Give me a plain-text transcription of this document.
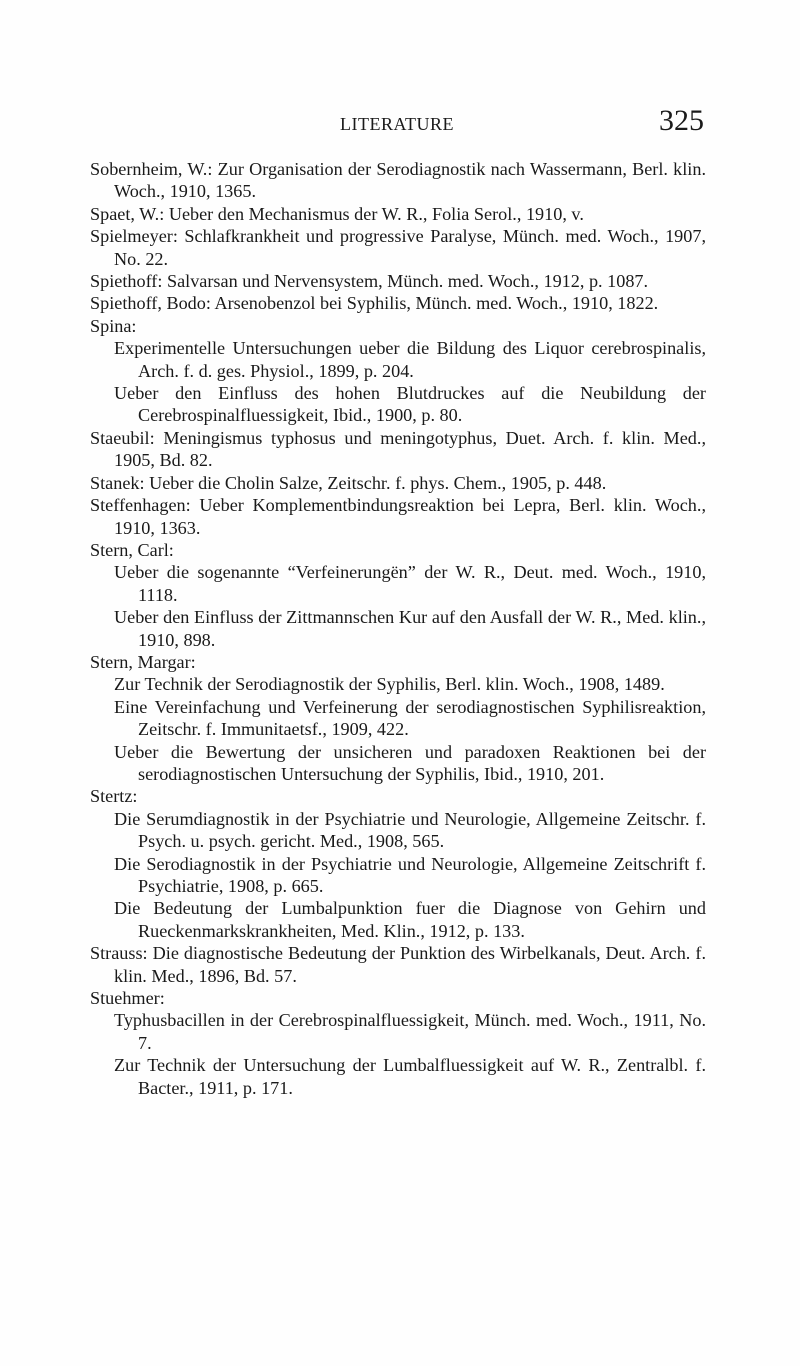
LITERATURE	325
Sobernheim, W.: Zur Organisation der Serodiagnostik nach Wassermann, Berl. klin. Woch., 1910, 1365.
Spaet, W.: Ueber den Mechanismus der W. R., Folia Serol., 1910, v.
Spielmeyer: Schlafkrankheit und progressive Paralyse, Münch. med. Woch., 1907, No. 22.
Spiethoff: Salvarsan und Nervensystem, Münch. med. Woch., 1912, p. 1087.
Spiethoff, Bodo: Arsenobenzol bei Syphilis, Münch. med. Woch., 1910, 1822.
Spina:
Experimentelle Untersuchungen ueber die Bildung des Liquor cerebrospinalis, Arch. f. d. ges. Physiol., 1899, p. 204.
Ueber den Einfluss des hohen Blutdruckes auf die Neubildung der Cerebrospinalfluessigkeit, Ibid., 1900, p. 80.
Staeubil: Meningismus typhosus und meningotyphus, Duet. Arch. f. klin. Med., 1905, Bd. 82.
Stanek: Ueber die Cholin Salze, Zeitschr. f. phys. Chem., 1905, p. 448.
Steffenhagen: Ueber Komplementbindungsreaktion bei Lepra, Berl. klin. Woch., 1910, 1363.
Stern, Carl:
Ueber die sogenannte “Verfeinerungën” der W. R., Deut. med. Woch., 1910, 1118.
Ueber den Einfluss der Zittmannschen Kur auf den Ausfall der W. R., Med. klin., 1910, 898.
Stern, Margar:
Zur Technik der Serodiagnostik der Syphilis, Berl. klin. Woch., 1908, 1489.
Eine Vereinfachung und Verfeinerung der serodiagnostischen Syphilisreaktion, Zeitschr. f. Immunitaetsf., 1909, 422.
Ueber die Bewertung der unsicheren und paradoxen Reaktionen bei der serodiagnostischen Untersuchung der Syphilis, Ibid., 1910, 201.
Stertz:
Die Serumdiagnostik in der Psychiatrie und Neurologie, Allgemeine Zeitschr. f. Psych. u. psych. gericht. Med., 1908, 565.
Die Serodiagnostik in der Psychiatrie und Neurologie, Allgemeine Zeitschrift f. Psychiatrie, 1908, p. 665.
Die Bedeutung der Lumbalpunktion fuer die Diagnose von Gehirn und Rueckenmarkskrankheiten, Med. Klin., 1912, p. 133.
Strauss: Die diagnostische Bedeutung der Punktion des Wirbelkanals, Deut. Arch. f. klin. Med., 1896, Bd. 57.
Stuehmer:
Typhusbacillen in der Cerebrospinalfluessigkeit, Münch. med. Woch., 1911, No. 7.
Zur Technik der Untersuchung der Lumbalfluessigkeit auf W. R., Zentralbl. f. Bacter., 1911, p. 171.
